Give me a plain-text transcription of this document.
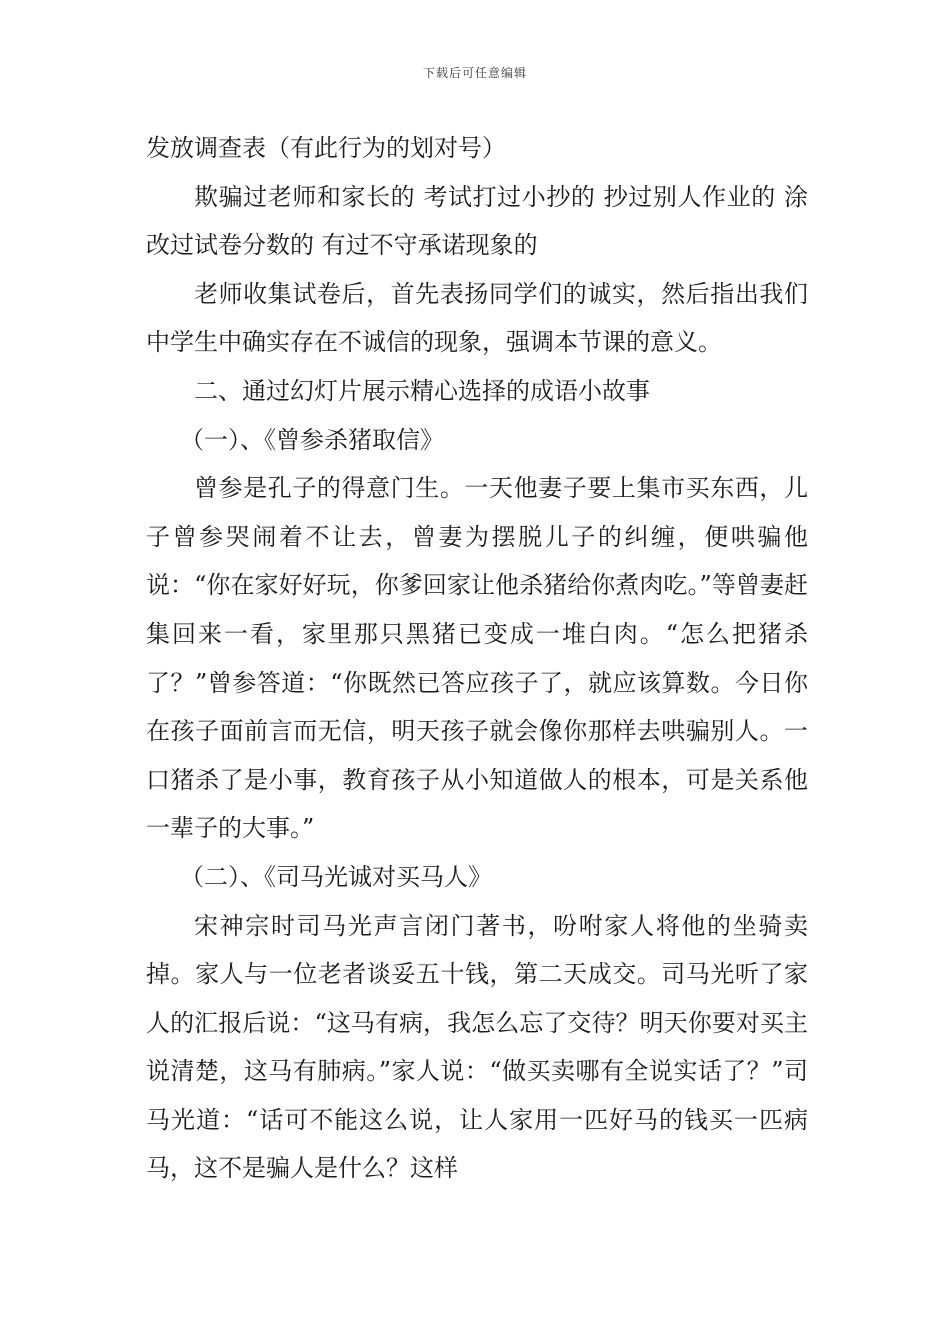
下载后可任意编辑

发放调查表（有此行为的划对号）

欺骗过老师和家长的 考试打过小抄的 抄过别人作业的 涂改过试卷分数的 有过不守承诺现象的

老师收集试卷后，首先表扬同学们的诚实，然后指出我们中学生中确实存在不诚信的现象，强调本节课的意义。

二、通过幻灯片展示精心选择的成语小故事

（一）、《曾参杀猪取信》

曾参是孔子的得意门生。一天他妻子要上集市买东西，儿子曾参哭闹着不让去，曾妻为摆脱儿子的纠缠，便哄骗他说：“你在家好好玩，你爹回家让他杀猪给你煮肉吃。”等曾妻赶集回来一看，家里那只黑猪已变成一堆白肉。“怎么把猪杀了？”曾参答道：“你既然已答应孩子了，就应该算数。今日你在孩子面前言而无信，明天孩子就会像你那样去哄骗别人。一口猪杀了是小事，教育孩子从小知道做人的根本，可是关系他一辈子的大事。”

（二）、《司马光诚对买马人》

宋神宗时司马光声言闭门著书，吩咐家人将他的坐骑卖掉。家人与一位老者谈妥五十钱，第二天成交。司马光听了家人的汇报后说：“这马有病，我怎么忘了交待？明天你要对买主说清楚，这马有肺病。”家人说：“做买卖哪有全说实话了？”司马光道：“话可不能这么说，让人家用一匹好马的钱买一匹病马，这不是骗人是什么？这样
